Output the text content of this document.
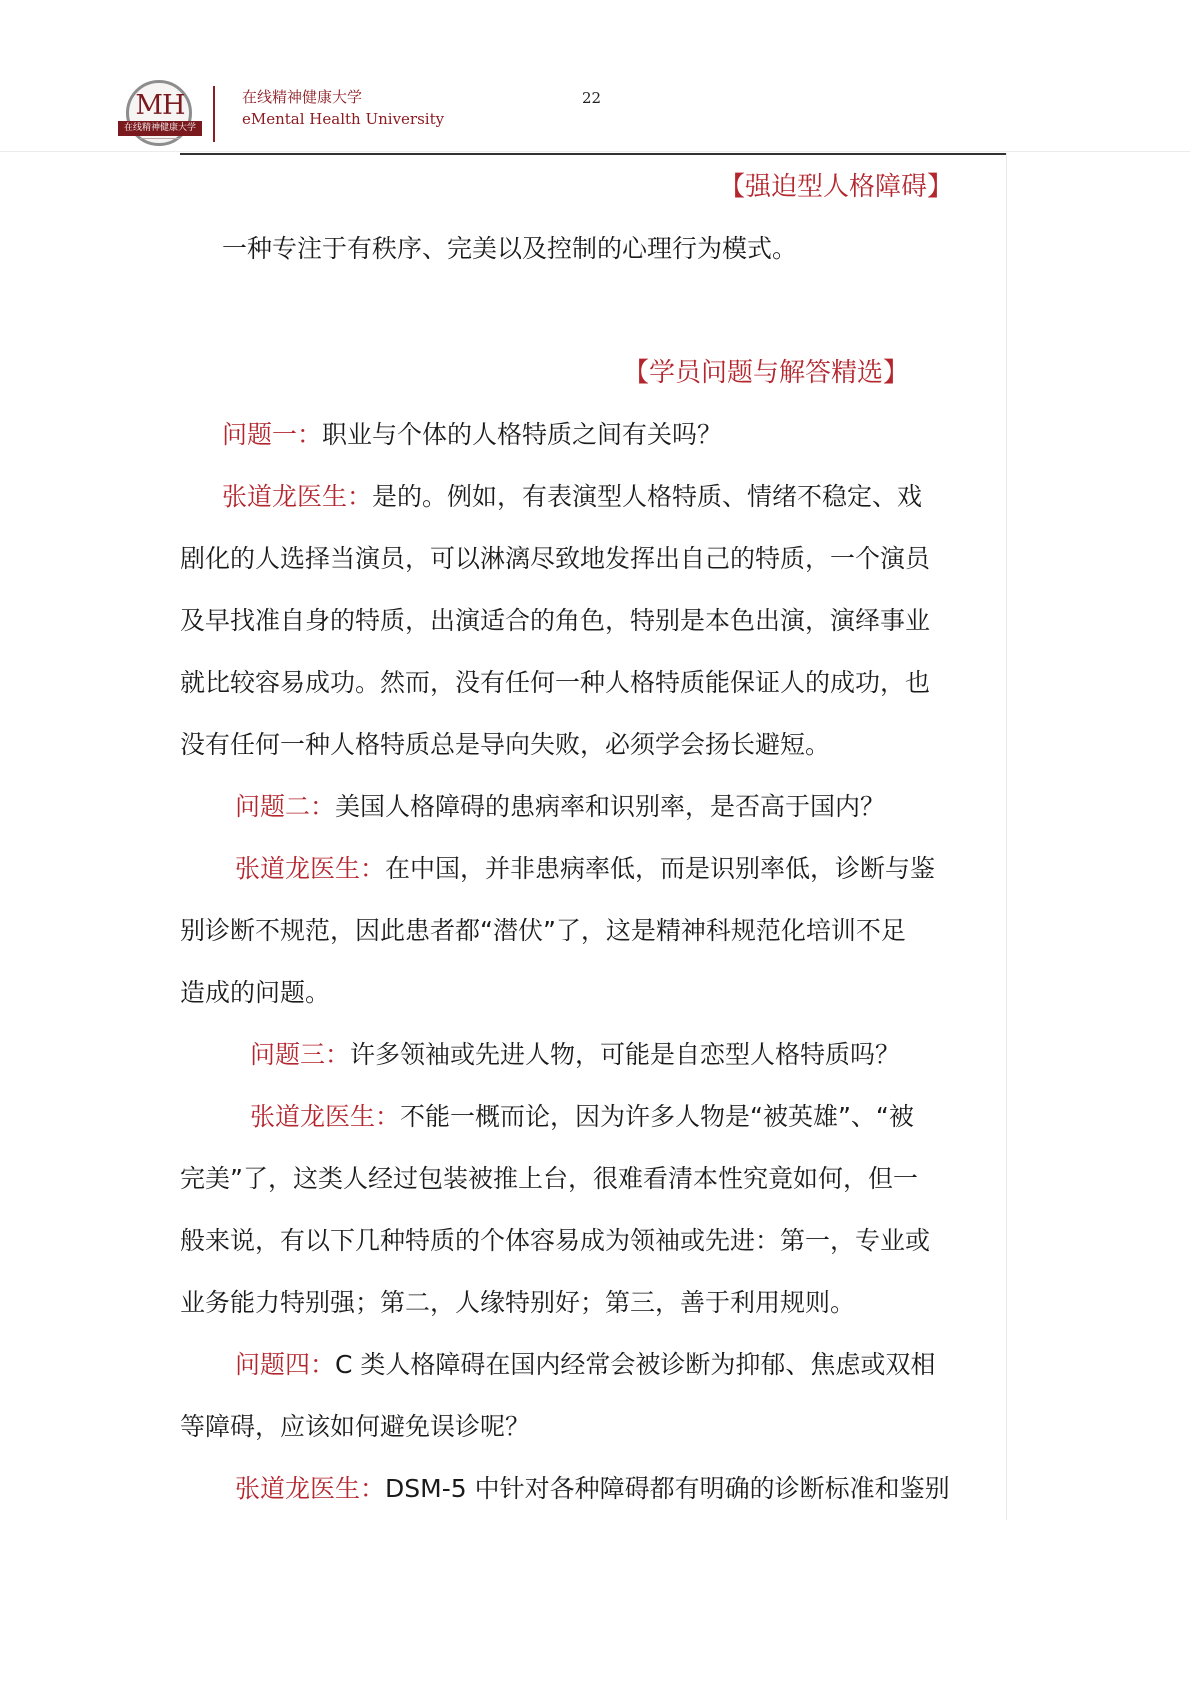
MH
在线精神健康大学
在线精神健康大学
eMental Health University
22
【强迫型人格障碍】
一种专注于有秩序、完美以及控制的心理行为模式。
【学员问题与解答精选】
问题一：职业与个体的人格特质之间有关吗？
张道龙医生：是的。例如，有表演型人格特质、情绪不稳定、戏
剧化的人选择当演员，可以淋漓尽致地发挥出自己的特质，一个演员
及早找准自身的特质，出演适合的角色，特别是本色出演，演绎事业
就比较容易成功。然而，没有任何一种人格特质能保证人的成功，也
没有任何一种人格特质总是导向失败，必须学会扬长避短。
问题二：美国人格障碍的患病率和识别率，是否高于国内？
张道龙医生：在中国，并非患病率低，而是识别率低，诊断与鉴
别诊断不规范，因此患者都“潜伏”了，这是精神科规范化培训不足
造成的问题。
问题三：许多领袖或先进人物，可能是自恋型人格特质吗？
张道龙医生：不能一概而论，因为许多人物是“被英雄”、“被
完美”了，这类人经过包装被推上台，很难看清本性究竟如何，但一
般来说，有以下几种特质的个体容易成为领袖或先进：第一，专业或
业务能力特别强；第二，人缘特别好；第三，善于利用规则。
问题四：C 类人格障碍在国内经常会被诊断为抑郁、焦虑或双相
等障碍，应该如何避免误诊呢？
张道龙医生：DSM-5 中针对各种障碍都有明确的诊断标准和鉴别
